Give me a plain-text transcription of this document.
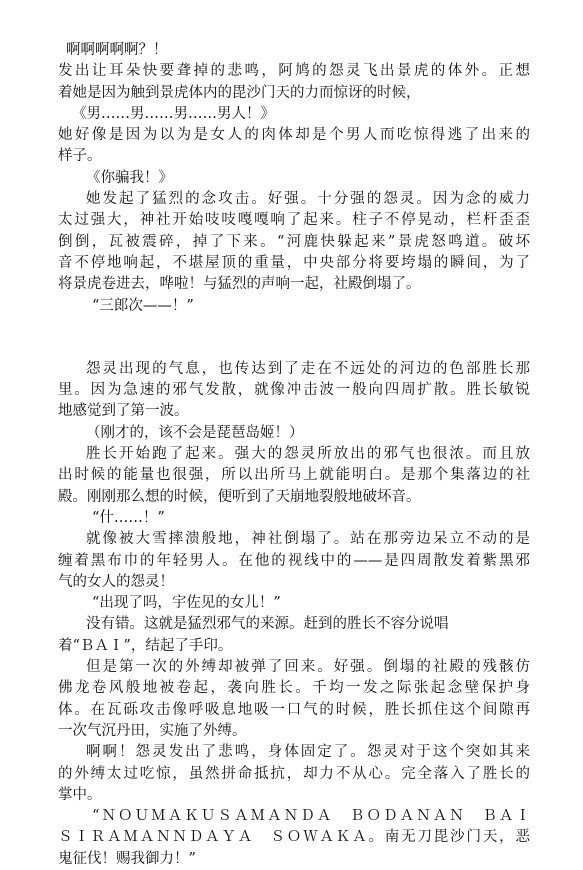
啊啊啊啊啊？！
发出让耳朵快要聋掉的悲鸣，阿鸠的怨灵飞出景虎的体外。正想
着她是因为触到景虎体内的毘沙门天的力而惊讶的时候，
《男……男……男……男人！》
她好像是因为以为是女人的肉体却是个男人而吃惊得逃了出来的
样子。
《你骗我！》
她发起了猛烈的念攻击。好强。十分强的怨灵。因为念的威力
太过强大，神社开始吱吱嘎嘎响了起来。柱子不停晃动，栏杆歪歪
倒倒，瓦被震碎，掉了下来。“河鹿快躲起来”景虎怒鸣道。破坏
音不停地响起，不堪屋顶的重量，中央部分将要垮塌的瞬间，为了
将景虎卷进去，哗啦！与猛烈的声响一起，社殿倒塌了。
“三郎次——！”
怨灵出现的气息，也传达到了走在不远处的河边的色部胜长那
里。因为急速的邪气发散，就像冲击波一般向四周扩散。胜长敏锐
地感觉到了第一波。
（刚才的，该不会是琵琶岛姬！）
胜长开始跑了起来。强大的怨灵所放出的邪气也很浓。而且放
出时候的能量也很强，所以出所马上就能明白。是那个集落边的社
殿。刚刚那么想的时候，便听到了天崩地裂般地破坏音。
“什……！”
就像被大雪摔溃般地，神社倒塌了。站在那旁边呆立不动的是
缠着黑布巾的年轻男人。在他的视线中的——是四周散发着紫黑邪
气的女人的怨灵！
“出现了吗，宇佐见的女儿！”
没有错。这就是猛烈邪气的来源。赶到的胜长不容分说唱
着“ＢＡＩ”，结起了手印。
但是第一次的外缚却被弹了回来。好强。倒塌的社殿的残骸仿
佛龙卷风般地被卷起，袭向胜长。千均一发之际张起念壁保护身
体。在瓦砾攻击像呼吸息地吸一口气的时候，胜长抓住这个间隙再
一次气沉丹田，实施了外缚。
啊啊！怨灵发出了悲鸣，身体固定了。怨灵对于这个突如其来
的外缚太过吃惊，虽然拼命抵抗，却力不从心。完全落入了胜长的
掌中。
“ＮＯＵＭＡＫＵＳＡＭＡＮＤＡ　ＢＯＤＡＮＡＮ　ＢＡＩ
ＳＩＲＡＭＡＮＮＤＡＹＡ　ＳＯＷＡＫＡ。南无刀毘沙门天，恶
鬼征伐！赐我御力！”
